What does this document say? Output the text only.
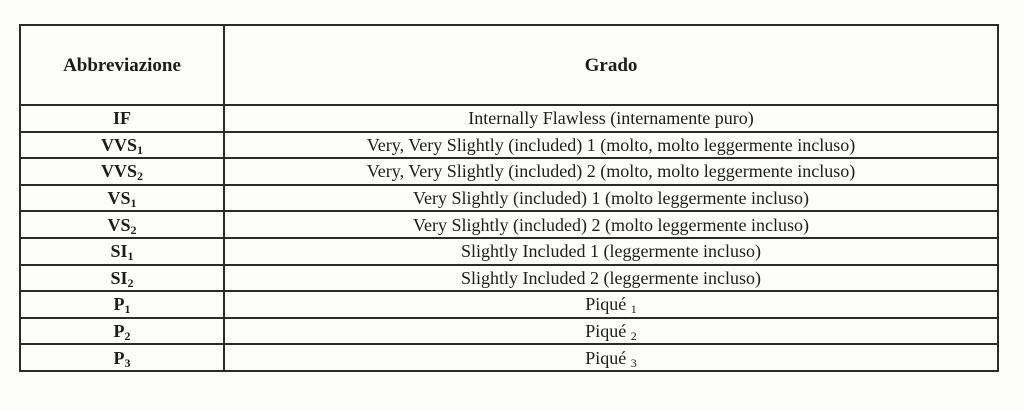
Abbreviazione	Grado
IF	Internally Flawless (internamente puro)
$VVS_1$	Very, Very Slightly (included) 1 (molto, molto leggermente incluso)
$VVS_2$	Very, Very Slightly (included) 2 (molto, molto leggermente incluso)
$VS_1$	Very Slightly (included) 1 (molto leggermente incluso)
$VS_2$	Very Slightly (included) 2 (molto leggermente incluso)
$SI_1$	Slightly Included 1 (leggermente incluso)
$SI_2$	Slightly Included 2 (leggermente incluso)
$P_1$	Piqué $_1$
$P_2$	Piqué $_2$
$P_3$	Piqué $_3$
